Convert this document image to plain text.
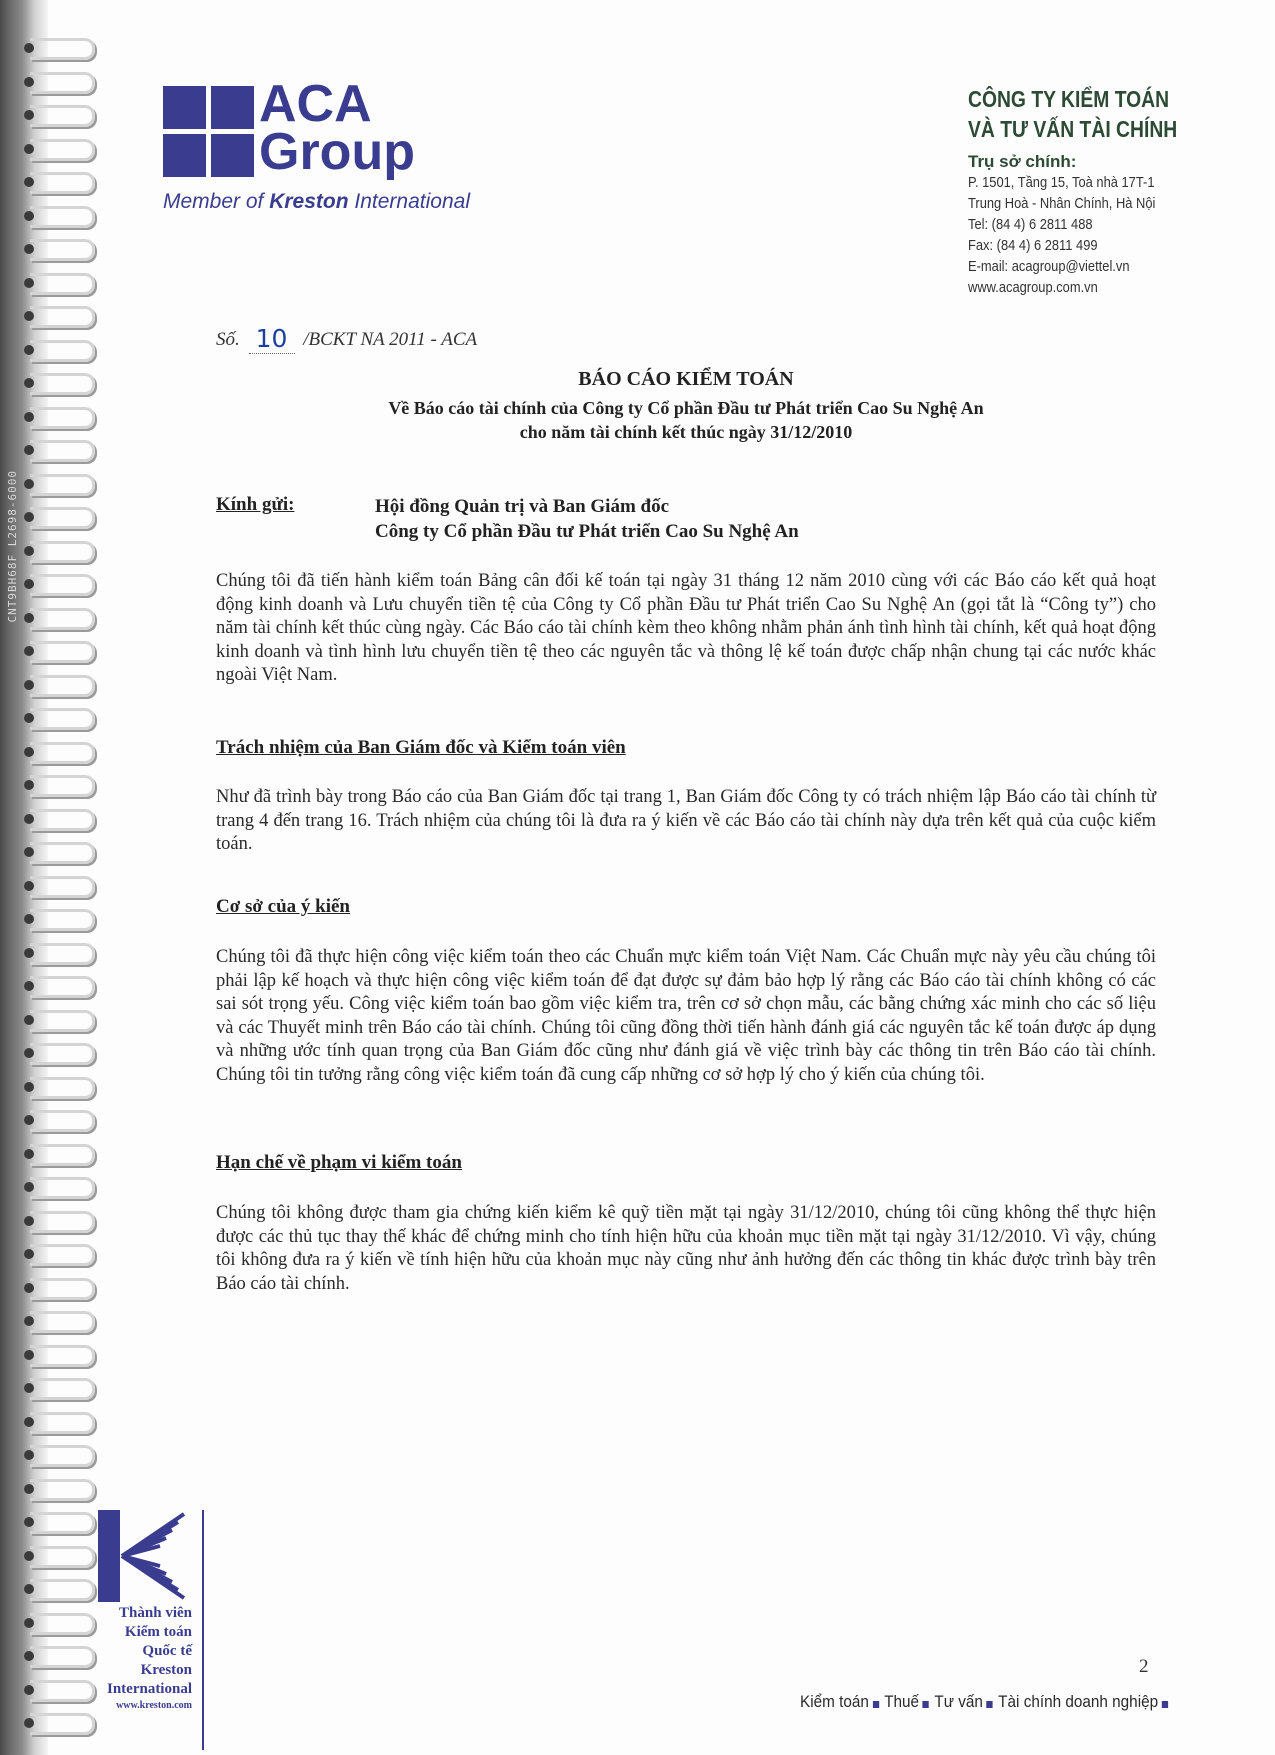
CNT9BH68F L2698-6000
ACA
Group
Member of Kreston International
CÔNG TY KIỂM TOÁN
VÀ TƯ VẤN TÀI CHÍNH
Trụ sở chính:
P. 1501, Tầng 15, Toà nhà 17T-1
Trung Hoà - Nhân Chính, Hà Nội
Tel: (84 4) 6 2811 488
Fax: (84 4) 6 2811 499
E-mail: acagroup@viettel.vn
www.acagroup.com.vn
Số. 10 /BCKT NA 2011 - ACA
BÁO CÁO KIỂM TOÁN
Về Báo cáo tài chính của Công ty Cổ phần Đầu tư Phát triển Cao Su Nghệ An
cho năm tài chính kết thúc ngày 31/12/2010
Kính gửi:	Hội đồng Quản trị và Ban Giám đốc
Công ty Cổ phần Đầu tư Phát triển Cao Su Nghệ An
Chúng tôi đã tiến hành kiểm toán Bảng cân đối kế toán tại ngày 31 tháng 12 năm 2010 cùng với các Báo cáo kết quả hoạt động kinh doanh và Lưu chuyển tiền tệ của Công ty Cổ phần Đầu tư Phát triển Cao Su Nghệ An (gọi tắt là “Công ty”) cho năm tài chính kết thúc cùng ngày. Các Báo cáo tài chính kèm theo không nhằm phản ánh tình hình tài chính, kết quả hoạt động kinh doanh và tình hình lưu chuyển tiền tệ theo các nguyên tắc và thông lệ kế toán được chấp nhận chung tại các nước khác ngoài Việt Nam.
Trách nhiệm của Ban Giám đốc và Kiểm toán viên
Như đã trình bày trong Báo cáo của Ban Giám đốc tại trang 1, Ban Giám đốc Công ty có trách nhiệm lập Báo cáo tài chính từ trang 4 đến trang 16. Trách nhiệm của chúng tôi là đưa ra ý kiến về các Báo cáo tài chính này dựa trên kết quả của cuộc kiểm toán.
Cơ sở của ý kiến
Chúng tôi đã thực hiện công việc kiểm toán theo các Chuẩn mực kiểm toán Việt Nam. Các Chuẩn mực này yêu cầu chúng tôi phải lập kế hoạch và thực hiện công việc kiểm toán để đạt được sự đảm bảo hợp lý rằng các Báo cáo tài chính không có các sai sót trọng yếu. Công việc kiểm toán bao gồm việc kiểm tra, trên cơ sở chọn mẫu, các bằng chứng xác minh cho các số liệu và các Thuyết minh trên Báo cáo tài chính. Chúng tôi cũng đồng thời tiến hành đánh giá các nguyên tắc kế toán được áp dụng và những ước tính quan trọng của Ban Giám đốc cũng như đánh giá về việc trình bày các thông tin trên Báo cáo tài chính. Chúng tôi tin tưởng rằng công việc kiểm toán đã cung cấp những cơ sở hợp lý cho ý kiến của chúng tôi.
Hạn chế về phạm vi kiểm toán
Chúng tôi không được tham gia chứng kiến kiểm kê quỹ tiền mặt tại ngày 31/12/2010, chúng tôi cũng không thể thực hiện được các thủ tục thay thế khác để chứng minh cho tính hiện hữu của khoản mục tiền mặt tại ngày 31/12/2010. Vì vậy, chúng tôi không đưa ra ý kiến về tính hiện hữu của khoản mục này cũng như ảnh hưởng đến các thông tin khác được trình bày trên Báo cáo tài chính.
Thành viên
Kiểm toán
Quốc tế
Kreston
International
www.kreston.com
2
Kiểm toán Thuế Tư vấn Tài chính doanh nghiệp
